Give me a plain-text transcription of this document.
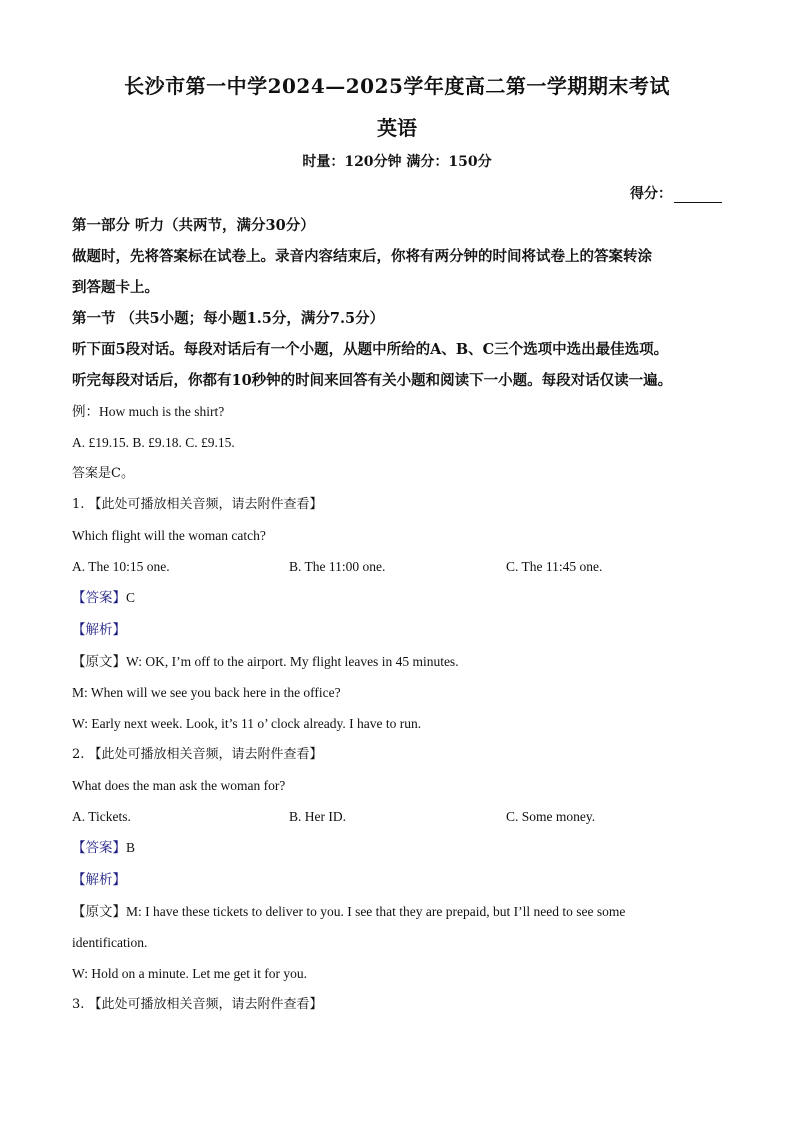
长沙市第一中学2024—2025学年度高二第一学期期末考试
英语
时量：120分钟 满分：150分
得分：
第一部分 听力（共两节，满分30分）
做题时，先将答案标在试卷上。录音内容结束后，你将有两分钟的时间将试卷上的答案转涂
到答题卡上。
第一节 （共5小题；每小题1.5分，满分7.5分）
听下面5段对话。每段对话后有一个小题，从题中所给的A、B、C三个选项中选出最佳选项。
听完每段对话后，你都有10秒钟的时间来回答有关小题和阅读下一小题。每段对话仅读一遍。
例：How much is the shirt?
A. £19.15. B. £9.18. C. £9.15.
答案是C。
1. 【此处可播放相关音频，请去附件查看】
Which flight will the woman catch?
A. The 10:15 one.	B. The 11:00 one.	C. The 11:45 one.
【答案】C
【解析】
【原文】W: OK, I’m off to the airport. My flight leaves in 45 minutes.
M: When will we see you back here in the office?
W: Early next week. Look, it’s 11 o’ clock already. I have to run.
2. 【此处可播放相关音频，请去附件查看】
What does the man ask the woman for?
A. Tickets.	B. Her ID.	C. Some money.
【答案】B
【解析】
【原文】M: I have these tickets to deliver to you. I see that they are prepaid, but I’ll need to see some
identification.
W: Hold on a minute. Let me get it for you.
3. 【此处可播放相关音频，请去附件查看】
